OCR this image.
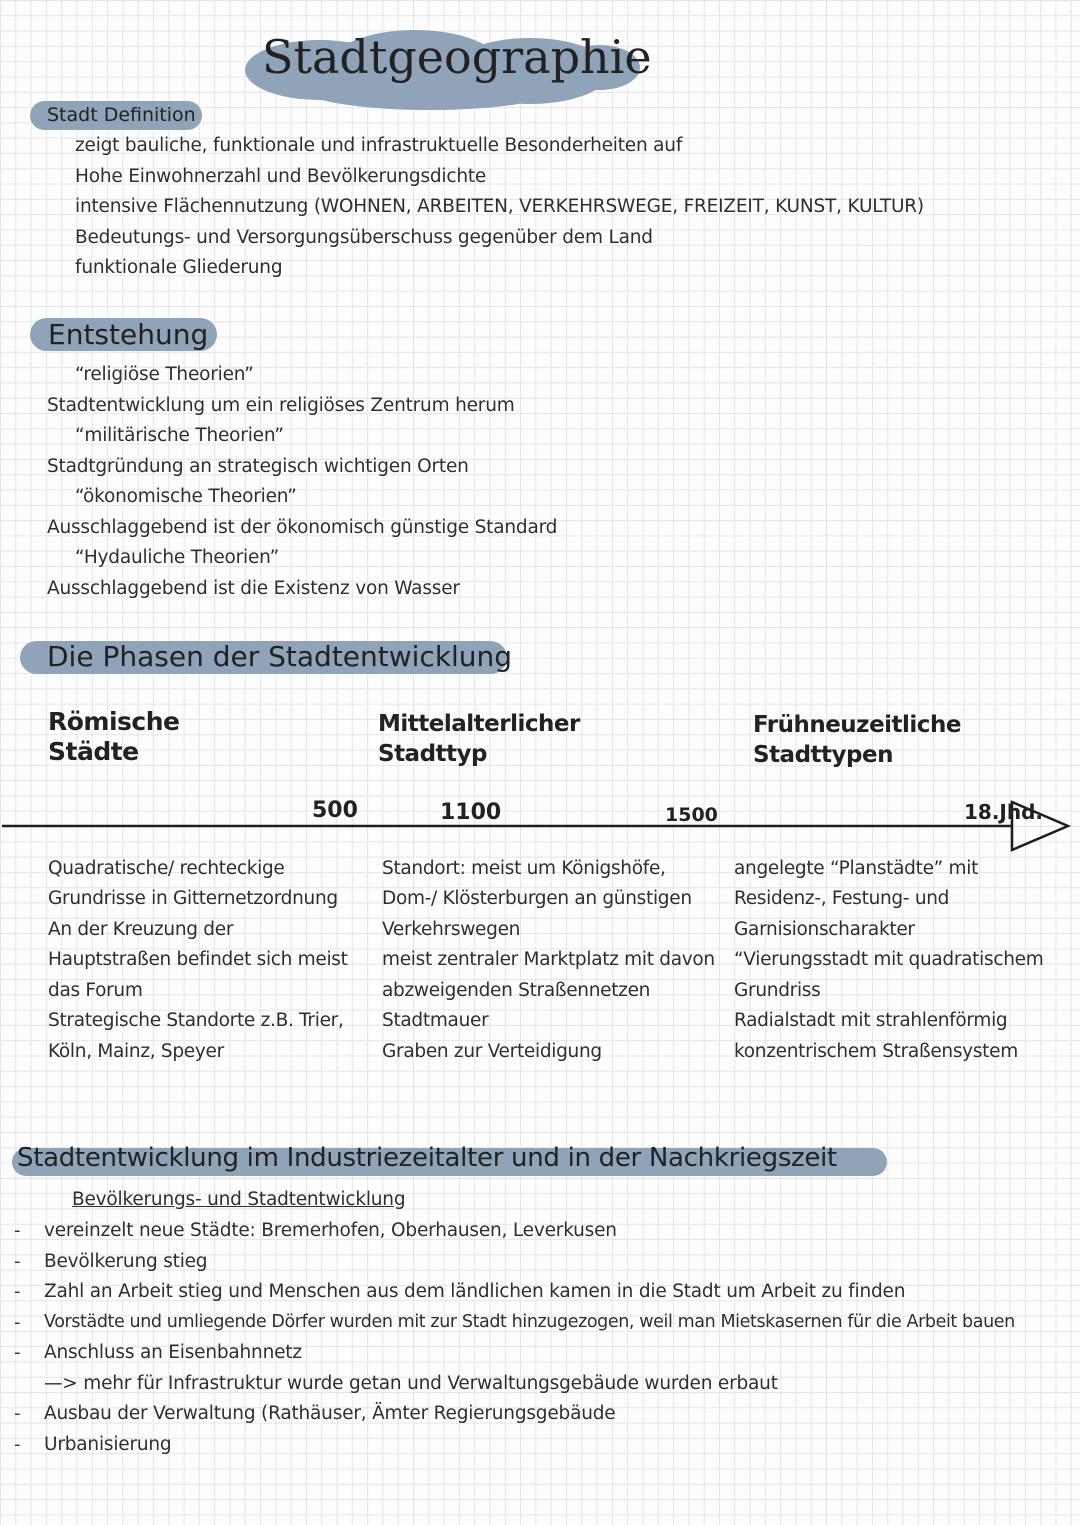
Stadtgeographie
Stadt Definition
zeigt bauliche, funktionale und infrastruktuelle Besonderheiten auf
Hohe Einwohnerzahl und Bevölkerungsdichte
intensive Flächennutzung (WOHNEN, ARBEITEN, VERKEHRSWEGE, FREIZEIT, KUNST, KULTUR)
Bedeutungs- und Versorgungsüberschuss gegenüber dem Land
funktionale Gliederung
Entstehung
“religiöse Theorien”
Stadtentwicklung um ein religiöses Zentrum herum
“militärische Theorien”
Stadtgründung an strategisch wichtigen Orten
“ökonomische Theorien”
Ausschlaggebend ist der ökonomisch günstige Standard
“Hydauliche Theorien”
Ausschlaggebend ist die Existenz von Wasser
Die Phasen der Stadtentwicklung
Römische
Städte
Mittelalterlicher
Stadttyp
Frühneuzeitliche
Stadttypen
500	1100	1500	18.Jhd.
Quadratische/ rechteckige
Grundrisse in Gitternetzordnung
An der Kreuzung der
Hauptstraßen befindet sich meist
das Forum
Strategische Standorte z.B. Trier,
Köln, Mainz, Speyer
Standort: meist um Königshöfe,
Dom-/ Klösterburgen an günstigen
Verkehrswegen
meist zentraler Marktplatz mit davon
abzweigenden Straßennetzen
Stadtmauer
Graben zur Verteidigung
angelegte “Planstädte” mit
Residenz-, Festung- und
Garnisionscharakter
“Vierungsstadt mit quadratischem
Grundriss
Radialstadt mit strahlenförmig
konzentrischem Straßensystem
Stadtentwicklung im Industriezeitalter und in der Nachkriegszeit
Bevölkerungs- und Stadtentwicklung
- vereinzelt neue Städte: Bremerhofen, Oberhausen, Leverkusen
- Bevölkerung stieg
- Zahl an Arbeit stieg und Menschen aus dem ländlichen kamen in die Stadt um Arbeit zu finden
- Vorstädte und umliegende Dörfer wurden mit zur Stadt hinzugezogen, weil man Mietskasernen für die Arbeit bauen
- Anschluss an Eisenbahnnetz
—> mehr für Infrastruktur wurde getan und Verwaltungsgebäude wurden erbaut
- Ausbau der Verwaltung (Rathäuser, Ämter Regierungsgebäude
- Urbanisierung
